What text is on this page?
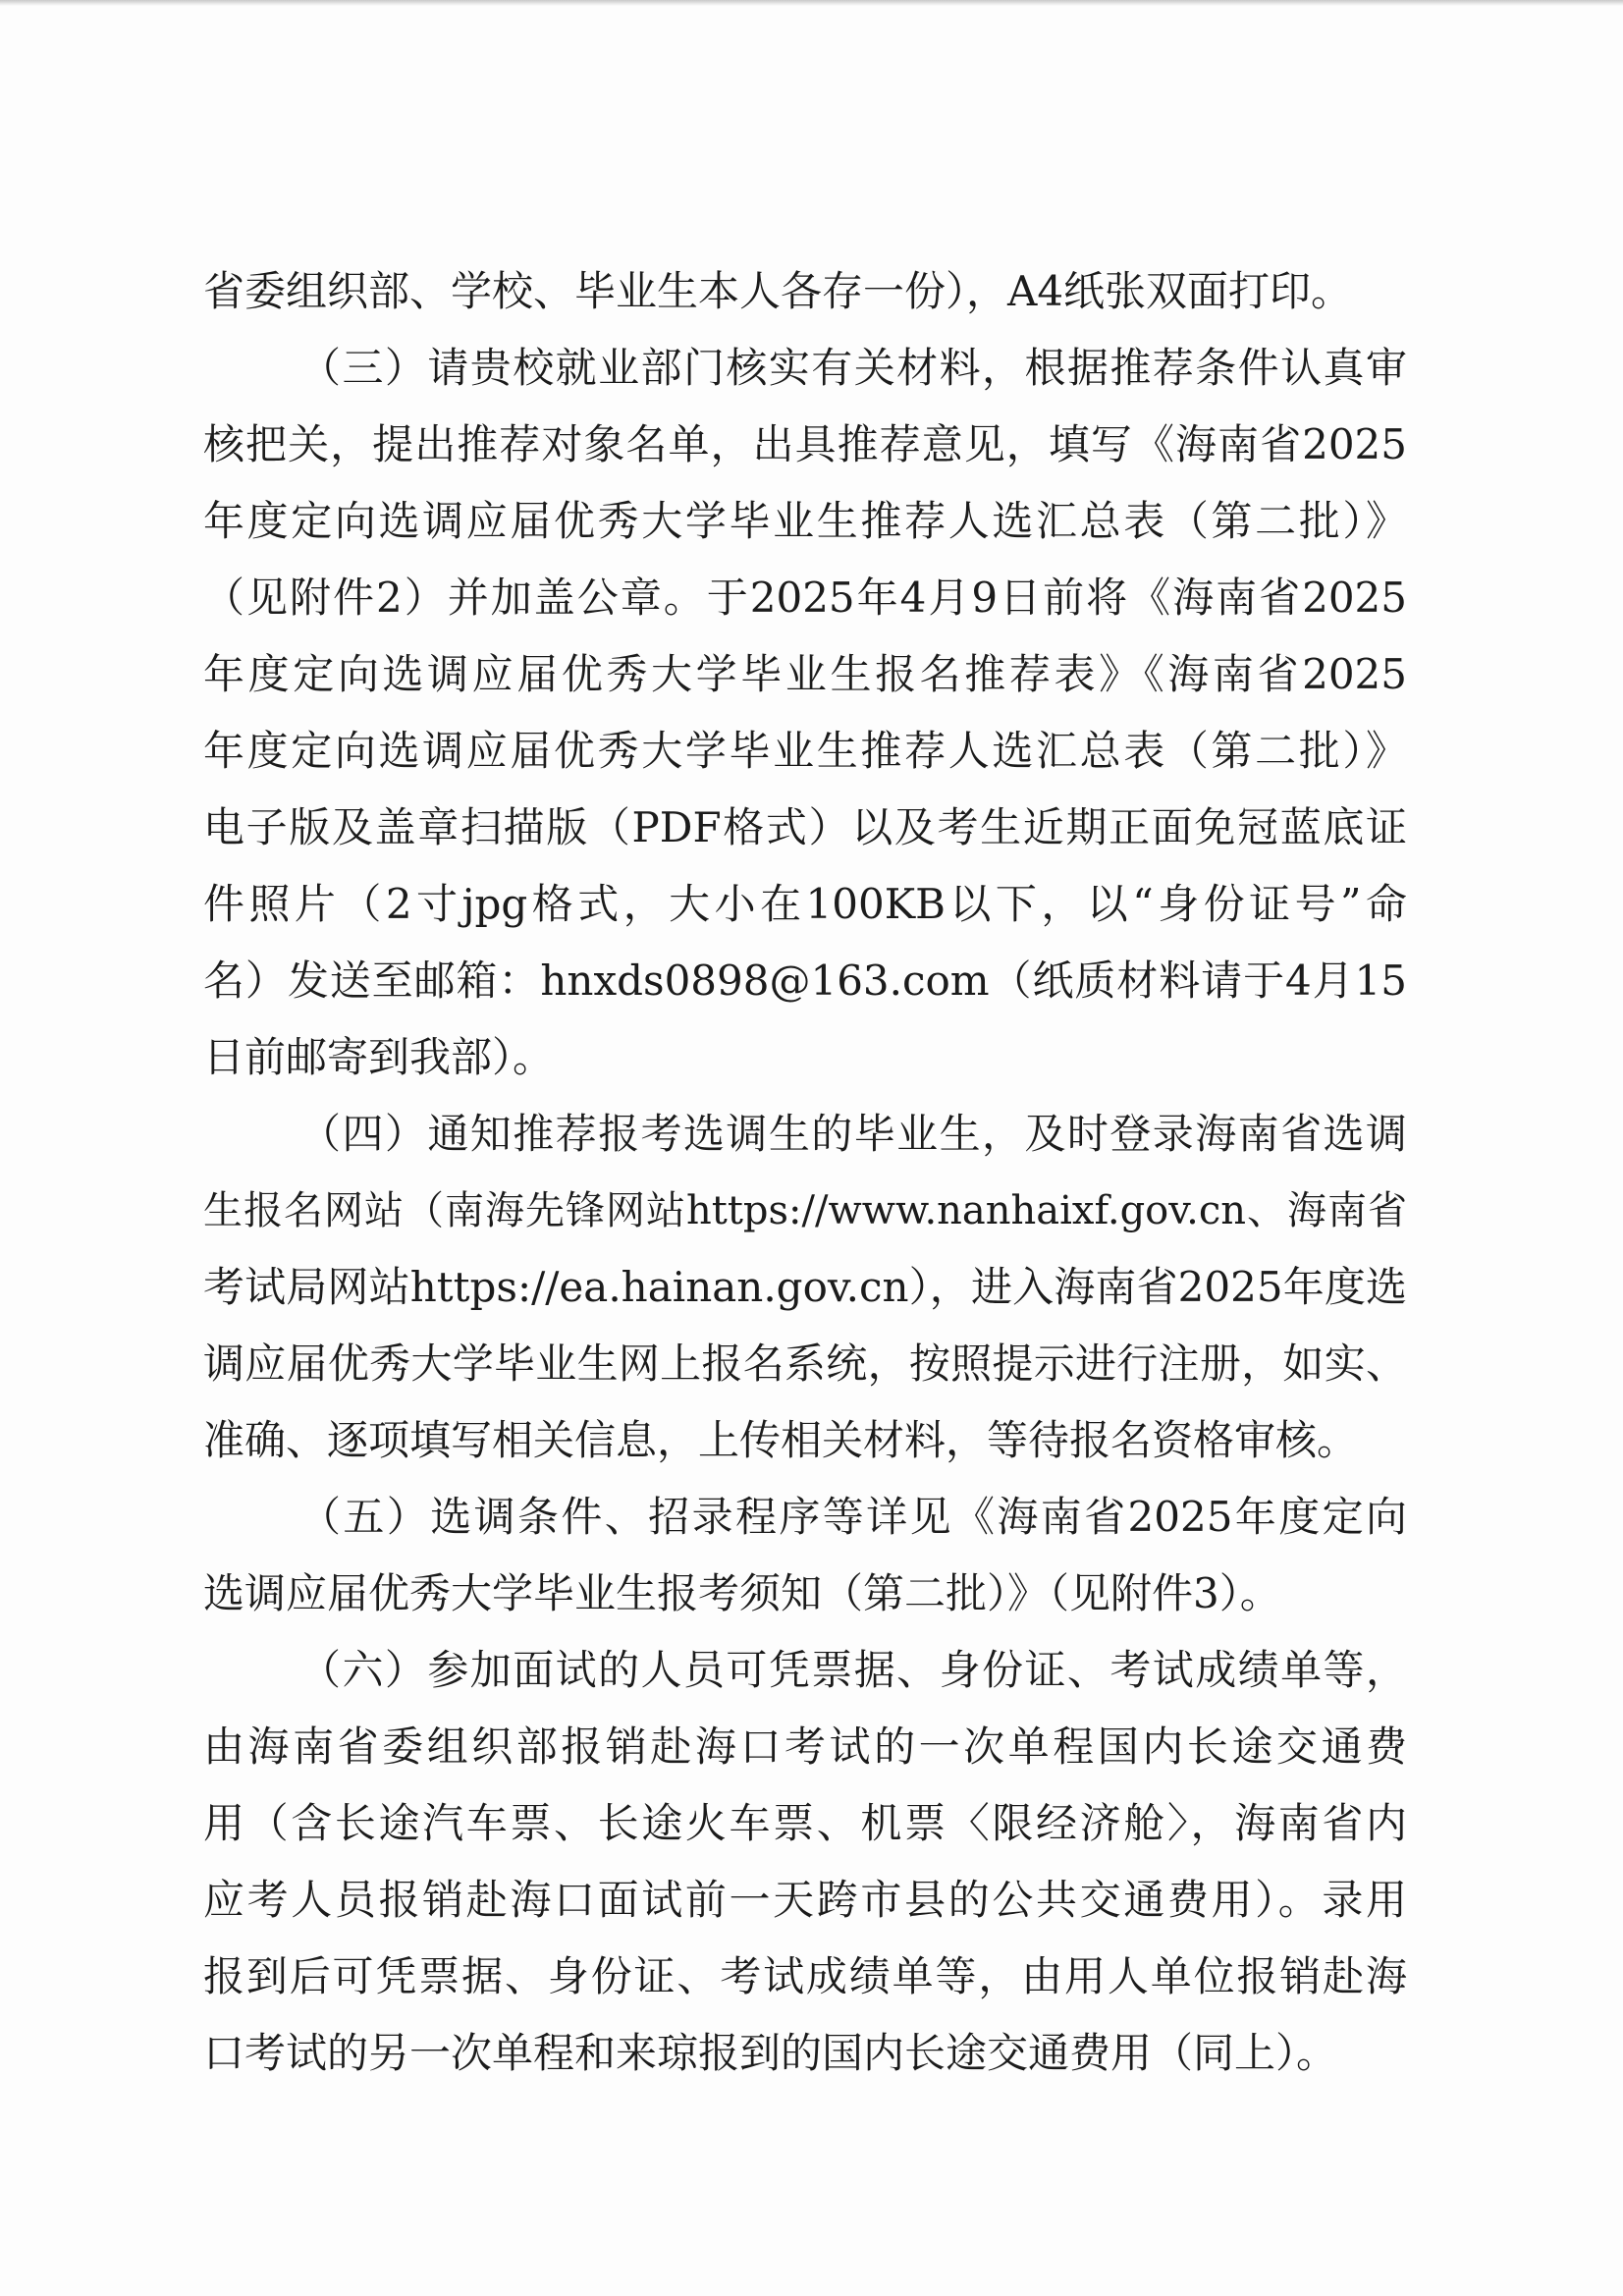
省委组织部、学校、毕业生本人各存一份），A4纸张双面打印。
（三）请贵校就业部门核实有关材料，根据推荐条件认真审
核把关，提出推荐对象名单，出具推荐意见，填写《海南省2025
年度定向选调应届优秀大学毕业生推荐人选汇总表（第二批）》
（见附件2）并加盖公章。于2025年4月9日前将《海南省2025
年度定向选调应届优秀大学毕业生报名推荐表》《海南省2025
年度定向选调应届优秀大学毕业生推荐人选汇总表（第二批）》
电子版及盖章扫描版（PDF格式）以及考生近期正面免冠蓝底证
件照片（2寸jpg格式，大小在100KB以下，以“身份证号”命
名）发送至邮箱：hnxds0898@163.com（纸质材料请于4月15
日前邮寄到我部）。
（四）通知推荐报考选调生的毕业生，及时登录海南省选调
生报名网站（南海先锋网站https://www.nanhaixf.gov.cn、海南省
考试局网站https://ea.hainan.gov.cn），进入海南省2025年度选
调应届优秀大学毕业生网上报名系统，按照提示进行注册，如实、
准确、逐项填写相关信息，上传相关材料，等待报名资格审核。
（五）选调条件、招录程序等详见《海南省2025年度定向
选调应届优秀大学毕业生报考须知（第二批）》（见附件3）。
（六）参加面试的人员可凭票据、身份证、考试成绩单等，
由海南省委组织部报销赴海口考试的一次单程国内长途交通费
用（含长途汽车票、长途火车票、机票〈限经济舱〉，海南省内
应考人员报销赴海口面试前一天跨市县的公共交通费用）。录用
报到后可凭票据、身份证、考试成绩单等，由用人单位报销赴海
口考试的另一次单程和来琼报到的国内长途交通费用（同上）。
